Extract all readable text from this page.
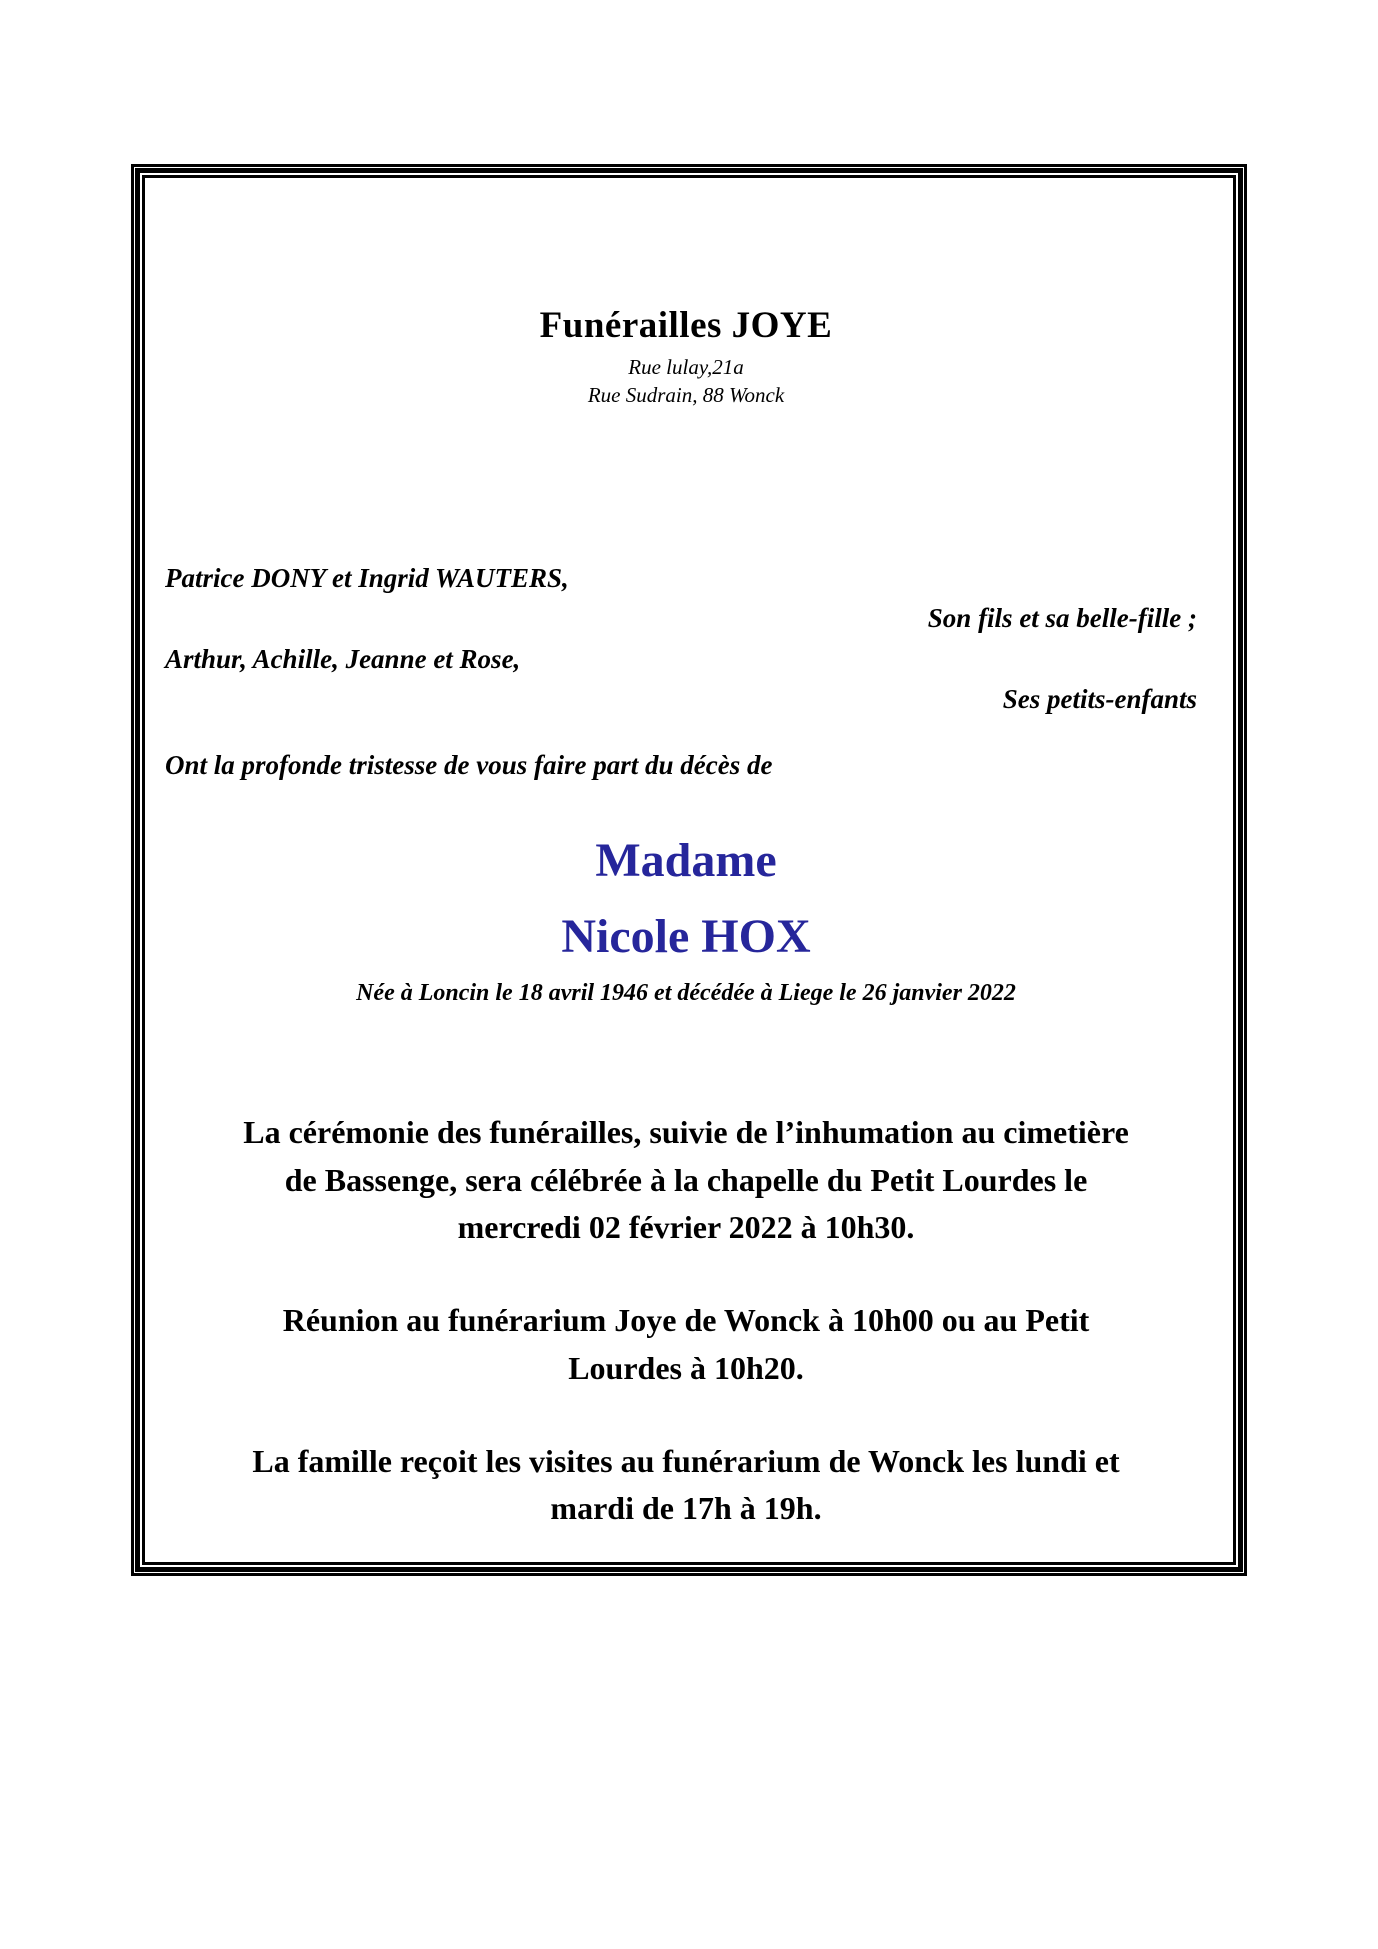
Funérailles JOYE
Rue lulay,21a
Rue Sudrain, 88 Wonck
Patrice DONY et Ingrid WAUTERS,
Son fils et sa belle-fille ;
Arthur, Achille, Jeanne et Rose,
Ses petits-enfants
Ont la profonde tristesse de vous faire part du décès de
Madame
Nicole HOX
Née à Loncin le 18 avril 1946 et décédée à Liege le 26 janvier 2022
La cérémonie des funérailles, suivie de l’inhumation au cimetière de Bassenge, sera célébrée à la chapelle du Petit Lourdes le mercredi 02 février 2022 à 10h30.
Réunion au funérarium Joye de Wonck à 10h00 ou au Petit Lourdes à 10h20.
La famille reçoit les visites au funérarium de Wonck les lundi et mardi de 17h à 19h.
